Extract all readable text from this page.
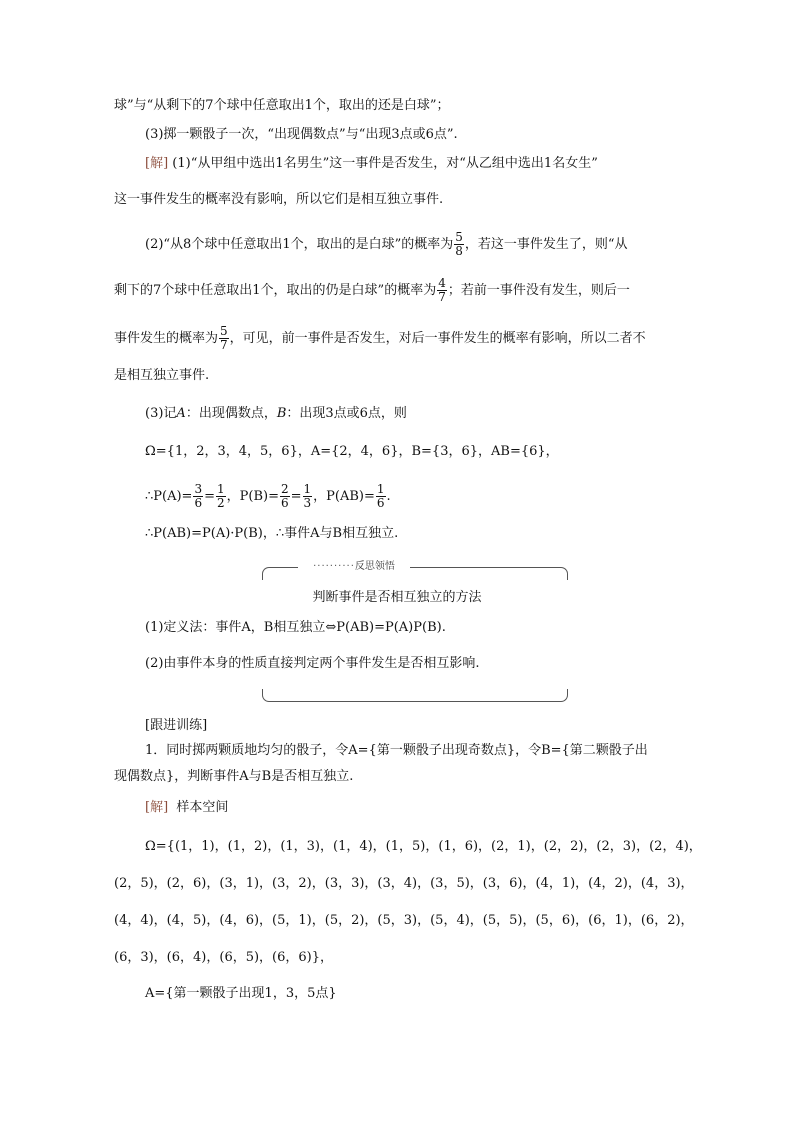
球”与“从剩下的7个球中任意取出1个，取出的还是白球”；
(3)掷一颗骰子一次，“出现偶数点”与“出现3点或6点”.
[解] (1)“从甲组中选出1名男生”这一事件是否发生，对“从乙组中选出1名女生”
这一事件发生的概率没有影响，所以它们是相互独立事件.
(2)“从8个球中任意取出1个，取出的是白球”的概率为 $\frac{5}{8}$ ，若这一事件发生了，则“从
剩下的7个球中任意取出1个，取出的仍是白球”的概率为 $\frac{4}{7}$ ；若前一事件没有发生，则后一
事件发生的概率为 $\frac{5}{7}$ ，可见，前一事件是否发生，对后一事件发生的概率有影响，所以二者不
是相互独立事件.
(3)记A：出现偶数点，B：出现3点或6点，则
Ω={1，2，3，4，5，6}，A={2，4，6}，B={3，6}，AB={6}，
∴P(A)= $\frac{3}{6} = \frac{1}{2}$ ，$P(B)= \frac{2}{6} = \frac{1}{3}$ ，$P(AB)= \frac{1}{6}$ .
∴P(AB)=P(A)·P(B)，∴事件A与B相互独立.
··········反思领悟
判断事件是否相互独立的方法
(1)定义法：事件A，B相互独立⇔P(AB)=P(A)P(B).
(2)由事件本身的性质直接判定两个事件发生是否相互影响.
[跟进训练]
1．同时掷两颗质地均匀的骰子，令A={第一颗骰子出现奇数点}，令B={第二颗骰子出
现偶数点}，判断事件A与B是否相互独立.
[解] 样本空间
Ω={(1，1)，(1，2)，(1，3)，(1，4)，(1，5)，(1，6)，(2，1)，(2，2)，(2，3)，(2，4)，
(2，5)，(2，6)，(3，1)，(3，2)，(3，3)，(3，4)，(3，5)，(3，6)，(4，1)，(4，2)，(4，3)，
(4，4)，(4，5)，(4，6)，(5，1)，(5，2)，(5，3)，(5，4)，(5，5)，(5，6)，(6，1)，(6，2)，
(6，3)，(6，4)，(6，5)，(6，6)}，
A={第一颗骰子出现1，3，5点}
